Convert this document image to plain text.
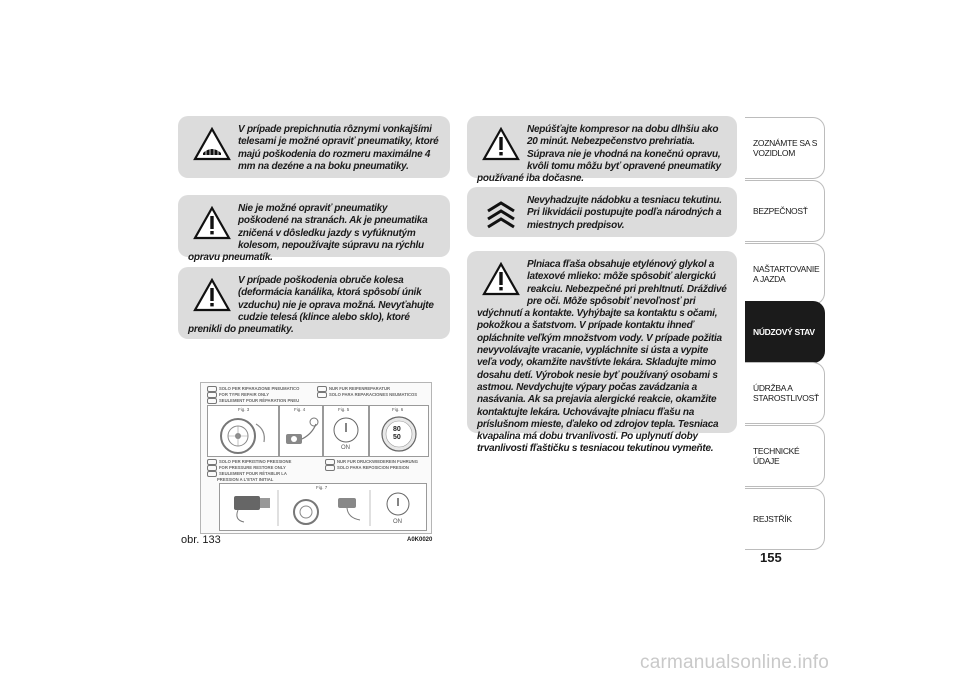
V prípade prepichnutia rôznymi vonkajšími telesami je možné opraviť pneumatiky, ktoré majú poškodenia do rozmeru maximálne 4 mm na dezéne a na boku pneumatiky.
Nie je možné opraviť pneumatiky poškodené na stranách. Ak je pneumatika zničená v dôsledku jazdy s vyfúknutým kolesom, nepoužívajte súpravu na rýchlu opravu pneumatík.
V prípade poškodenia obruče kolesa (deformácia kanálika, ktorá spôsobí únik vzduchu) nie je oprava možná. Nevyťahujte cudzie telesá (klince alebo sklo), ktoré prenikli do pneumatiky.
Nepúšťajte kompresor na dobu dlhšiu ako 20 minút. Nebezpečenstvo prehriatia. Súprava nie je vhodná na konečnú opravu, kvôli tomu môžu byť opravené pneumatiky používané iba dočasne.
Nevyhadzujte nádobku a tesniacu tekutinu. Pri likvidácii postupujte podľa národných a miestnych predpisov.
Plniaca fľaša obsahuje etylénový glykol a latexové mlieko: môže spôsobiť alergickú reakciu. Nebezpečné pri prehltnutí. Dráždivé pre oči. Môže spôsobiť nevoľnosť pri vdýchnutí a kontakte. Vyhýbajte sa kontaktu s očami, pokožkou a šatstvom. V prípade kontaktu ihneď opláchnite veľkým množstvom vody. V prípade požitia nevyvolávajte vracanie, vypláchnite si ústa a vypite veľa vody, okamžite navštívte lekára. Skladujte mimo dosahu detí. Výrobok nesie byť používaný osobami s astmou. Nevdychujte výpary počas zavádzania a nasávania. Ak sa prejavia alergické reakcie, okamžite kontaktujte lekára. Uchovávajte plniacu fľašu na príslušnom mieste, ďaleko od zdrojov tepla. Tesniaca kvapalina má dobu trvanlivosti. Po uplynutí doby trvanlivosti fľaštičku s tesniacou tekutinou vymeňte.
SOLO PER RIPARAZIONE PNEUMATICO
FOR TYPE REPAIR ONLY
SEULEMENT POUR RÉPARATION PNEU
NUR FUR REIFENREPARATUR
SOLO PARA REPARACIONES NEUMATICOS
Fig. 3	Fig. 4	Fig. 5
ON
Fig. 6
80
50
SOLO PER RIPRISTINO PRESSIONE
FOR PRESSURE RESTORE ONLY
SEULEMENT POUR RÉTABLIR LA
PRESSION A L'ETAT INITIAL
NUR FUR DRUCKWIEDEREIN FUHRUNG
SOLO PARA REPOSICION PRESION
Fig. 7
ON
obr. 133	A0K0020
ZOZNÁMTE SA S VOZIDLOM
BEZPEČNOSŤ
NAŠTARTOVANIE A JAZDA
NÚDZOVÝ STAV
ÚDRŽBA A STAROSTLIVOSŤ
TECHNICKÉ ÚDAJE
REJSTŘÍK
155
carmanualsonline.info
